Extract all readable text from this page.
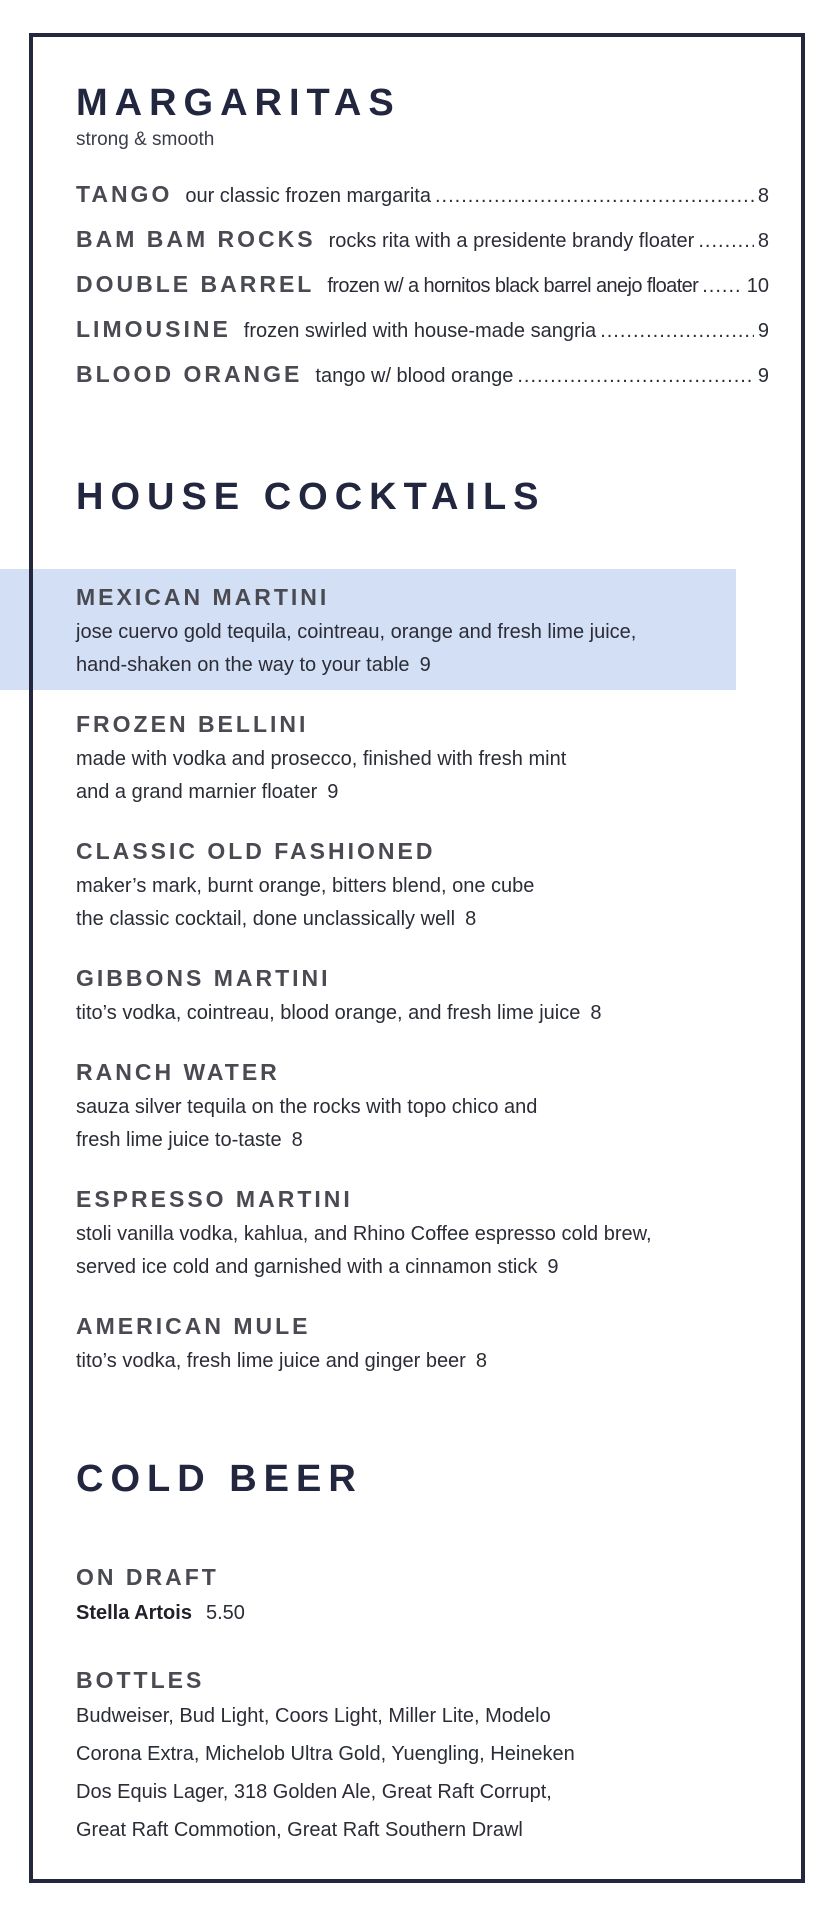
MARGARITAS
strong & smooth
TANGO our classic frozen margarita .....	8
BAM BAM ROCKS rocks rita with a presidente brandy floater .....	8
DOUBLE BARREL frozen w/ a hornitos black barrel anejo floater ..... 10
LIMOUSINE frozen swirled with house-made sangria .....	9
BLOOD ORANGE tango w/ blood orange .....	9
HOUSE COCKTAILS
MEXICAN MARTINI
jose cuervo gold tequila, cointreau, orange and fresh lime juice,
hand-shaken on the way to your table 9
FROZEN BELLINI
made with vodka and prosecco, finished with fresh mint
and a grand marnier floater 9
CLASSIC OLD FASHIONED
maker’s mark, burnt orange, bitters blend, one cube
the classic cocktail, done unclassically well 8
GIBBONS MARTINI
tito’s vodka, cointreau, blood orange, and fresh lime juice 8
RANCH WATER
sauza silver tequila on the rocks with topo chico and
fresh lime juice to-taste 8
ESPRESSO MARTINI
stoli vanilla vodka, kahlua, and Rhino Coffee espresso cold brew,
served ice cold and garnished with a cinnamon stick 9
AMERICAN MULE
tito’s vodka, fresh lime juice and ginger beer 8
COLD BEER
ON DRAFT
Stella Artois 5.50
BOTTLES
Budweiser, Bud Light, Coors Light, Miller Lite, Modelo
Corona Extra, Michelob Ultra Gold, Yuengling, Heineken
Dos Equis Lager, 318 Golden Ale, Great Raft Corrupt,
Great Raft Commotion, Great Raft Southern Drawl
